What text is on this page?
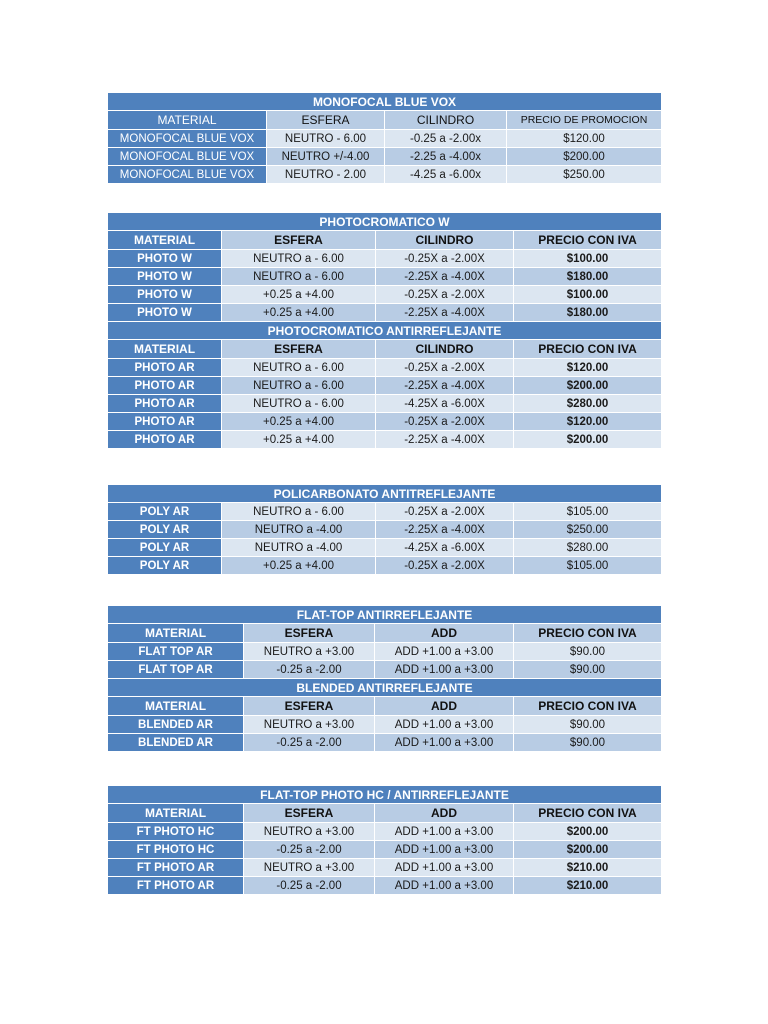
MONOFOCAL BLUE VOX			
MATERIAL	ESFERA	CILINDRO	PRECIO DE PROMOCION
MONOFOCAL BLUE VOX	NEUTRO - 6.00	-0.25 a -2.00x	$120.00
MONOFOCAL BLUE VOX	NEUTRO +/-4.00	-2.25 a -4.00x	$200.00
MONOFOCAL BLUE VOX	NEUTRO - 2.00	-4.25 a -6.00x	$250.00
PHOTOCROMATICO W			
MATERIAL	ESFERA	CILINDRO	PRECIO CON IVA
PHOTO W	NEUTRO a - 6.00	-0.25X a -2.00X	$100.00
PHOTO W	NEUTRO a - 6.00	-2.25X a -4.00X	$180.00
PHOTO W	+0.25 a +4.00	-0.25X a -2.00X	$100.00
PHOTO W	+0.25 a +4.00	-2.25X a -4.00X	$180.00
PHOTOCROMATICO ANTIRREFLEJANTE			
MATERIAL	ESFERA	CILINDRO	PRECIO CON IVA
PHOTO AR	NEUTRO a - 6.00	-0.25X a -2.00X	$120.00
PHOTO AR	NEUTRO a - 6.00	-2.25X a -4.00X	$200.00
PHOTO AR	NEUTRO a - 6.00	-4.25X a -6.00X	$280.00
PHOTO AR	+0.25 a +4.00	-0.25X a -2.00X	$120.00
PHOTO AR	+0.25 a +4.00	-2.25X a -4.00X	$200.00
POLICARBONATO ANTITREFLEJANTE			
POLY AR	NEUTRO a - 6.00	-0.25X a -2.00X	$105.00
POLY AR	NEUTRO a -4.00	-2.25X a -4.00X	$250.00
POLY AR	NEUTRO a -4.00	-4.25X a -6.00X	$280.00
POLY AR	+0.25 a +4.00	-0.25X a -2.00X	$105.00
FLAT-TOP ANTIRREFLEJANTE			
MATERIAL	ESFERA	ADD	PRECIO CON IVA
FLAT TOP AR	NEUTRO a +3.00	ADD +1.00 a +3.00	$90.00
FLAT TOP AR	-0.25 a -2.00	ADD +1.00 a +3.00	$90.00
BLENDED ANTIRREFLEJANTE			
MATERIAL	ESFERA	ADD	PRECIO CON IVA
BLENDED AR	NEUTRO a +3.00	ADD +1.00 a +3.00	$90.00
BLENDED AR	-0.25 a -2.00	ADD +1.00 a +3.00	$90.00
FLAT-TOP PHOTO HC / ANTIRREFLEJANTE			
MATERIAL	ESFERA	ADD	PRECIO CON IVA
FT PHOTO HC	NEUTRO a +3.00	ADD +1.00 a +3.00	$200.00
FT PHOTO HC	-0.25 a -2.00	ADD +1.00 a +3.00	$200.00
FT PHOTO AR	NEUTRO a +3.00	ADD +1.00 a +3.00	$210.00
FT PHOTO AR	-0.25 a -2.00	ADD +1.00 a +3.00	$210.00
